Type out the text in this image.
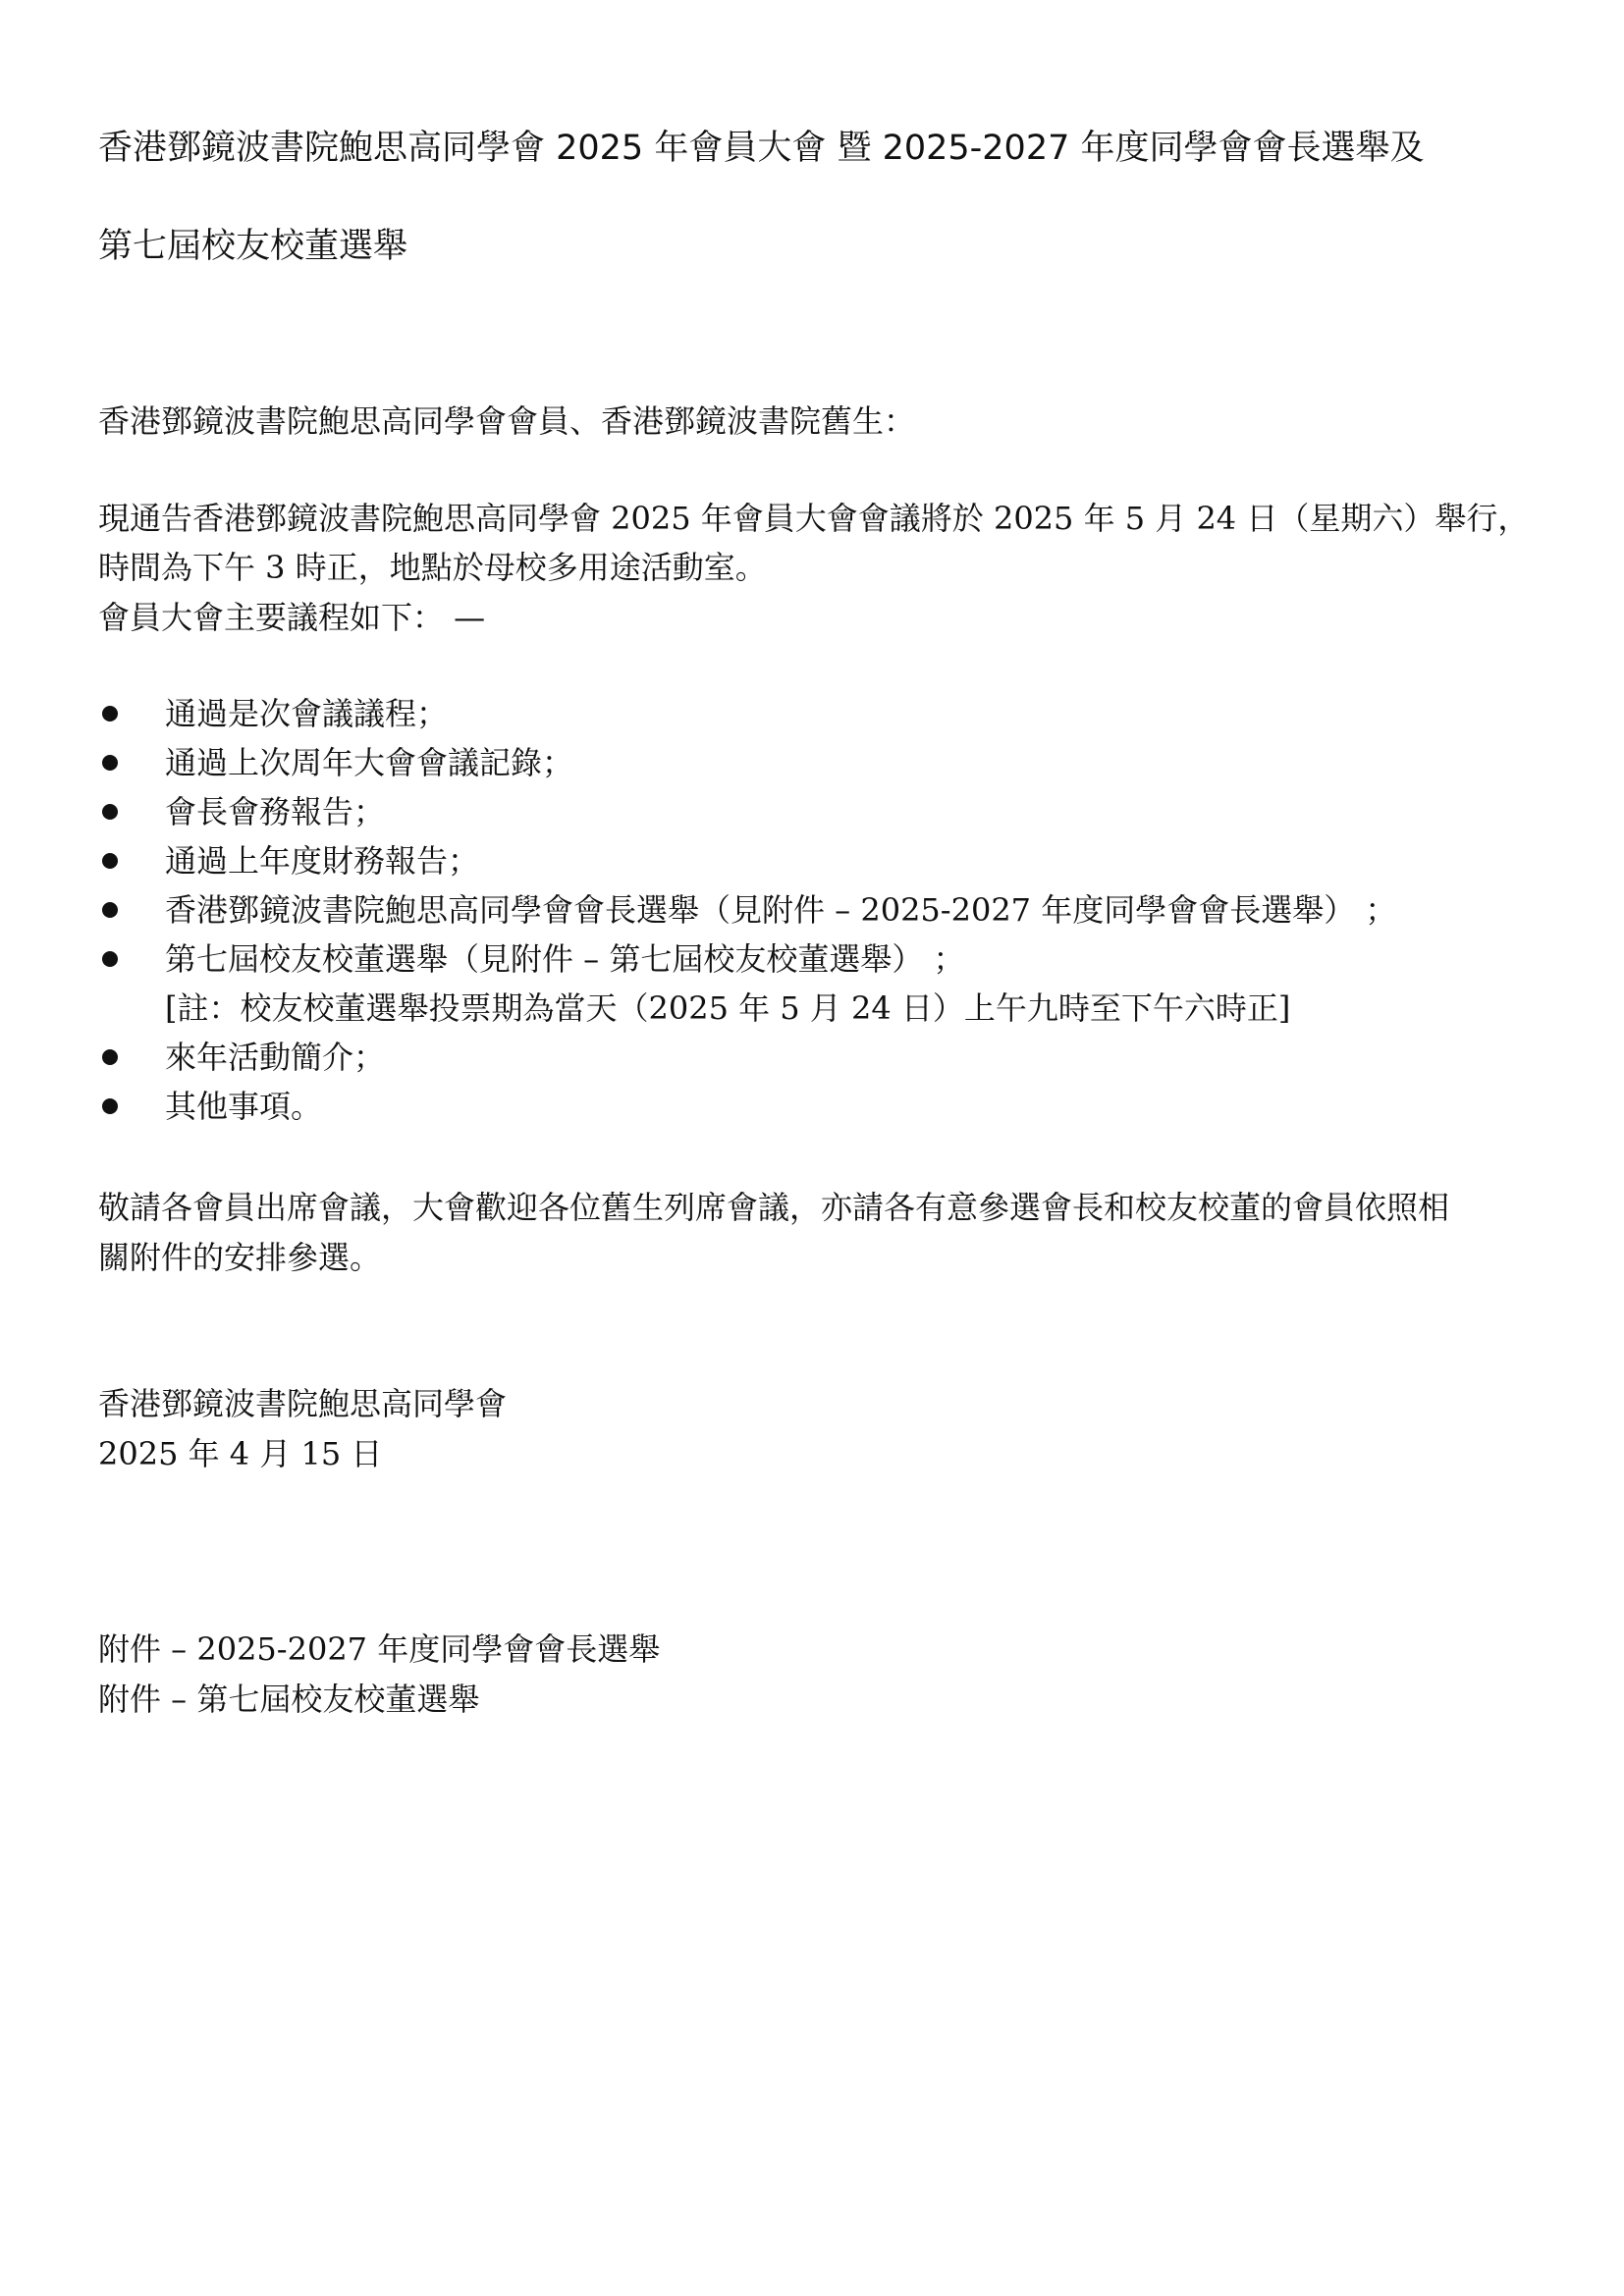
香港鄧鏡波書院鮑思高同學會 2025 年會員大會 暨 2025-2027 年度同學會會長選舉及
第七屆校友校董選舉
香港鄧鏡波書院鮑思高同學會會員、香港鄧鏡波書院舊生：
現通告香港鄧鏡波書院鮑思高同學會 2025 年會員大會會議將於 2025 年 5 月 24 日（星期六）舉行，
時間為下午 3 時正，地點於母校多用途活動室。
會員大會主要議程如下： —
通過是次會議議程；
通過上次周年大會會議記錄；
會長會務報告；
通過上年度財務報告；
香港鄧鏡波書院鮑思高同學會會長選舉（見附件 – 2025-2027 年度同學會會長選舉） ；
第七屆校友校董選舉（見附件 – 第七屆校友校董選舉） ；
[註：校友校董選舉投票期為當天（2025 年 5 月 24 日）上午九時至下午六時正]
來年活動簡介；
其他事項。
敬請各會員出席會議，大會歡迎各位舊生列席會議，亦請各有意參選會長和校友校董的會員依照相
關附件的安排參選。
香港鄧鏡波書院鮑思高同學會
2025 年 4 月 15 日
附件 – 2025-2027 年度同學會會長選舉
附件 – 第七屆校友校董選舉
